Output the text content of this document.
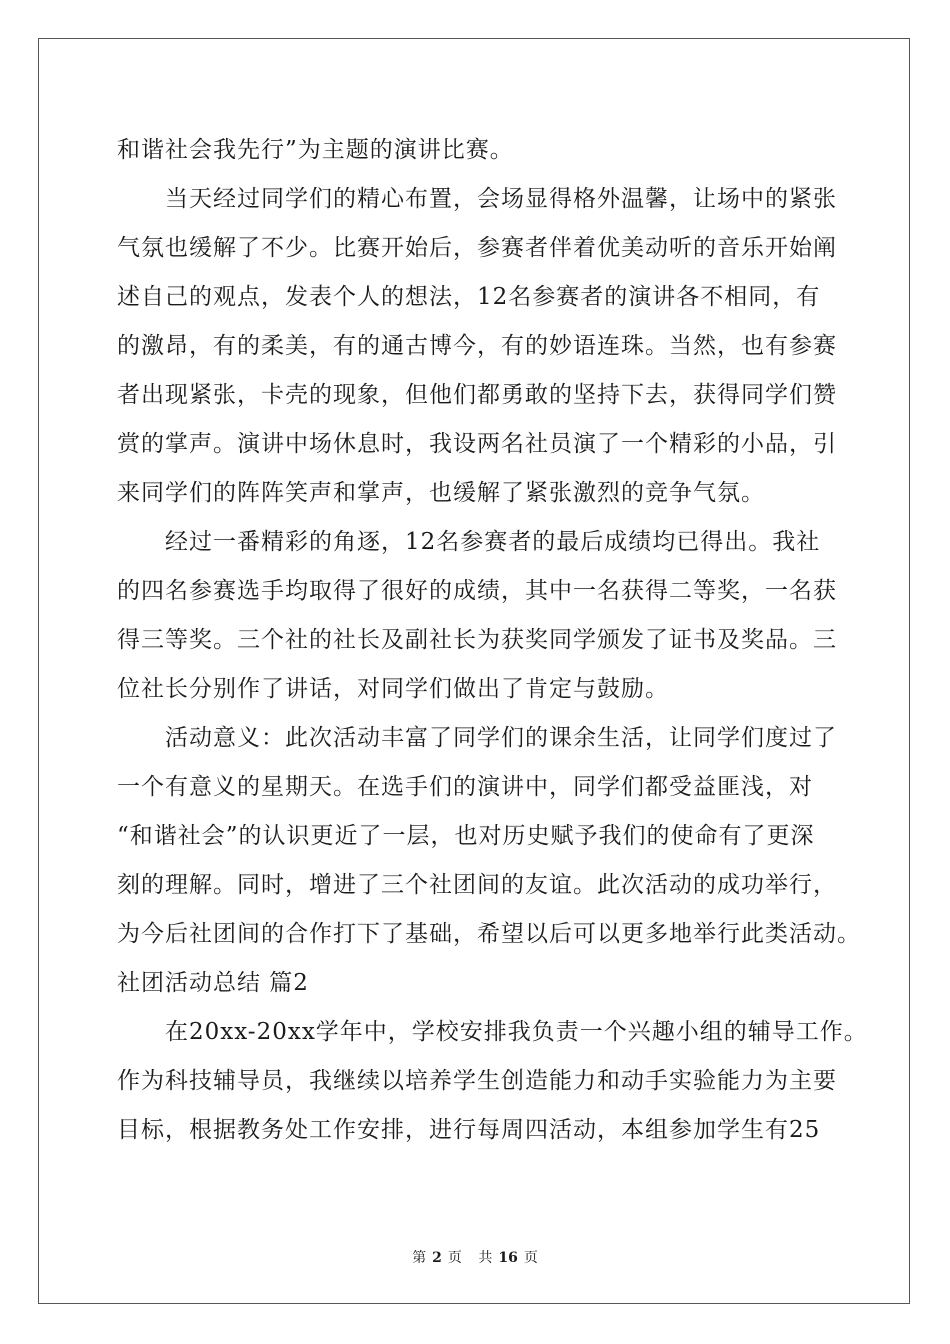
和谐社会我先行”为主题的演讲比赛。
　　当天经过同学们的精心布置，会场显得格外温馨，让场中的紧张
气氛也缓解了不少。比赛开始后，参赛者伴着优美动听的音乐开始阐
述自己的观点，发表个人的想法，12名参赛者的演讲各不相同，有
的激昂，有的柔美，有的通古博今，有的妙语连珠。当然，也有参赛
者出现紧张，卡壳的现象，但他们都勇敢的坚持下去，获得同学们赞
赏的掌声。演讲中场休息时，我设两名社员演了一个精彩的小品，引
来同学们的阵阵笑声和掌声，也缓解了紧张激烈的竞争气氛。
　　经过一番精彩的角逐，12名参赛者的最后成绩均已得出。我社
的四名参赛选手均取得了很好的成绩，其中一名获得二等奖，一名获
得三等奖。三个社的社长及副社长为获奖同学颁发了证书及奖品。三
位社长分别作了讲话，对同学们做出了肯定与鼓励。
　　活动意义：此次活动丰富了同学们的课余生活，让同学们度过了
一个有意义的星期天。在选手们的演讲中，同学们都受益匪浅，对
“和谐社会”的认识更近了一层，也对历史赋予我们的使命有了更深
刻的理解。同时，增进了三个社团间的友谊。此次活动的成功举行，
为今后社团间的合作打下了基础，希望以后可以更多地举行此类活动。
社团活动总结 篇2
　　在20xx-20xx学年中，学校安排我负责一个兴趣小组的辅导工作。
作为科技辅导员，我继续以培养学生创造能力和动手实验能力为主要
目标，根据教务处工作安排，进行每周四活动，本组参加学生有25
第 2 页 共 16 页
